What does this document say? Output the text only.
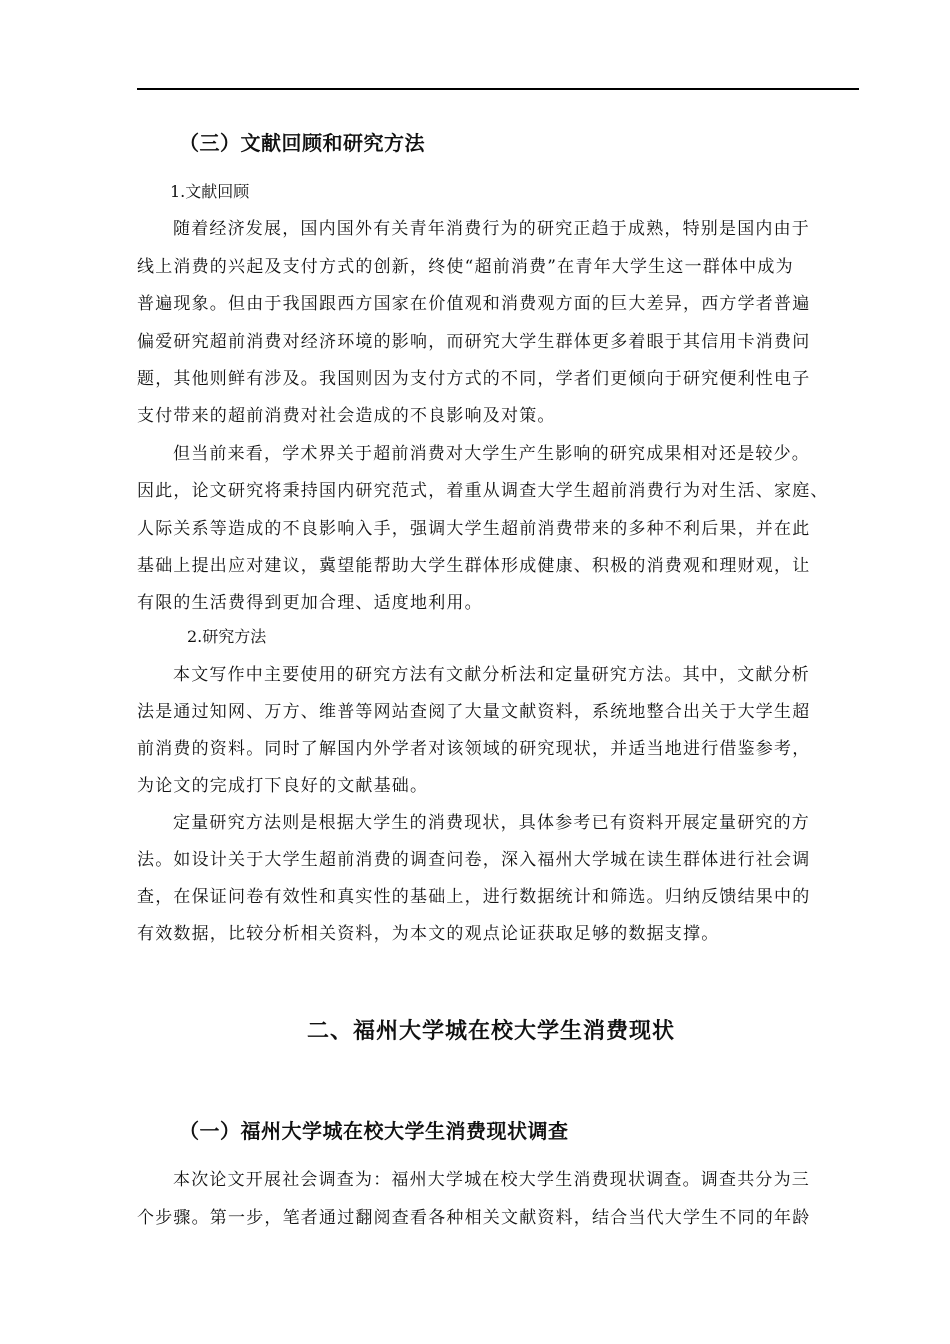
（三）文献回顾和研究方法
1.文献回顾
随着经济发展，国内国外有关青年消费行为的研究正趋于成熟，特别是国内由于
线上消费的兴起及支付方式的创新，终使“超前消费”在青年大学生这一群体中成为
普遍现象。但由于我国跟西方国家在价值观和消费观方面的巨大差异，西方学者普遍
偏爱研究超前消费对经济环境的影响，而研究大学生群体更多着眼于其信用卡消费问
题，其他则鲜有涉及。我国则因为支付方式的不同，学者们更倾向于研究便利性电子
支付带来的超前消费对社会造成的不良影响及对策。
但当前来看，学术界关于超前消费对大学生产生影响的研究成果相对还是较少。
因此，论文研究将秉持国内研究范式，着重从调查大学生超前消费行为对生活、家庭、
人际关系等造成的不良影响入手，强调大学生超前消费带来的多种不利后果，并在此
基础上提出应对建议，冀望能帮助大学生群体形成健康、积极的消费观和理财观，让
有限的生活费得到更加合理、适度地利用。
2.研究方法
本文写作中主要使用的研究方法有文献分析法和定量研究方法。其中，文献分析
法是通过知网、万方、维普等网站查阅了大量文献资料，系统地整合出关于大学生超
前消费的资料。同时了解国内外学者对该领域的研究现状，并适当地进行借鉴参考，
为论文的完成打下良好的文献基础。
定量研究方法则是根据大学生的消费现状，具体参考已有资料开展定量研究的方
法。如设计关于大学生超前消费的调查问卷，深入福州大学城在读生群体进行社会调
查，在保证问卷有效性和真实性的基础上，进行数据统计和筛选。归纳反馈结果中的
有效数据，比较分析相关资料，为本文的观点论证获取足够的数据支撑。
二、福州大学城在校大学生消费现状
（一）福州大学城在校大学生消费现状调查
本次论文开展社会调查为：福州大学城在校大学生消费现状调查。调查共分为三
个步骤。第一步，笔者通过翻阅查看各种相关文献资料，结合当代大学生不同的年龄
